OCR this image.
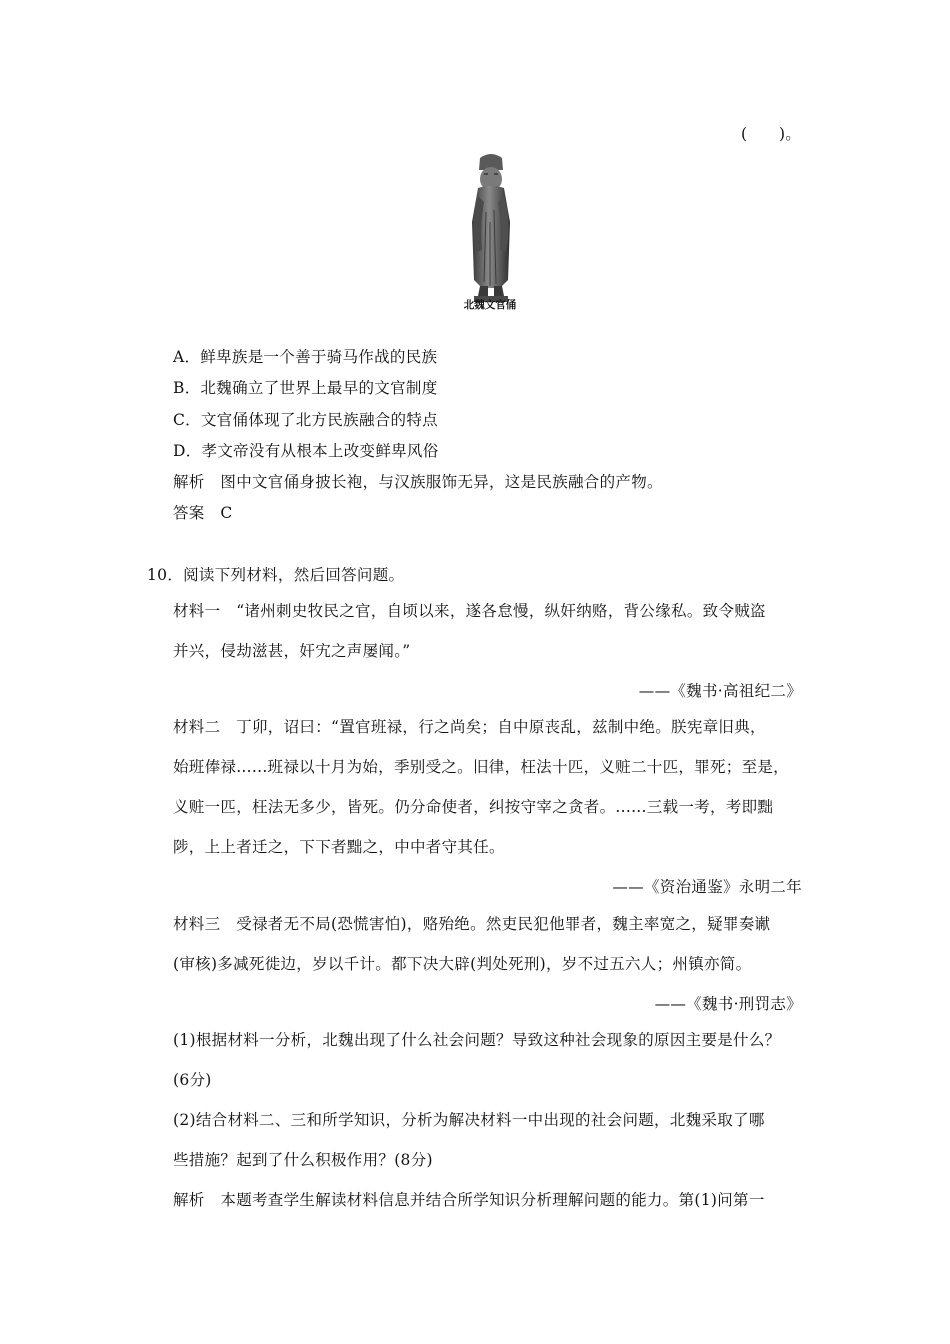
(　　)。
北魏文官俑
A．鲜卑族是一个善于骑马作战的民族
B．北魏确立了世界上最早的文官制度
C．文官俑体现了北方民族融合的特点
D．孝文帝没有从根本上改变鲜卑风俗
解析　图中文官俑身披长袍，与汉族服饰无异，这是民族融合的产物。
答案　C
10．阅读下列材料，然后回答问题。
材料一　“诸州刺史牧民之官，自顷以来，遂各怠慢，纵奸纳赂，背公缘私。致令贼盗
并兴，侵劫滋甚，奸宄之声屡闻。”
——《魏书·高祖纪二》
材料二　丁卯，诏曰：“置官班禄，行之尚矣；自中原丧乱，兹制中绝。朕宪章旧典，
始班俸禄......班禄以十月为始，季别受之。旧律，枉法十匹，义赃二十匹，罪死；至是，
义赃一匹，枉法无多少，皆死。仍分命使者，纠按守宰之贪者。......三载一考，考即黜
陟，上上者迁之，下下者黜之，中中者守其任。
——《资治通鉴》永明二年
材料三　受禄者无不局(恐慌害怕)，赂殆绝。然吏民犯他罪者，魏主率宽之，疑罪奏谳
(审核)多减死徙边，岁以千计。都下决大辟(判处死刑)，岁不过五六人；州镇亦简。
——《魏书·刑罚志》
(1)根据材料一分析，北魏出现了什么社会问题？导致这种社会现象的原因主要是什么？
(6分)
(2)结合材料二、三和所学知识，分析为解决材料一中出现的社会问题，北魏采取了哪
些措施？起到了什么积极作用？(8分)
解析　本题考查学生解读材料信息并结合所学知识分析理解问题的能力。第(1)问第一
